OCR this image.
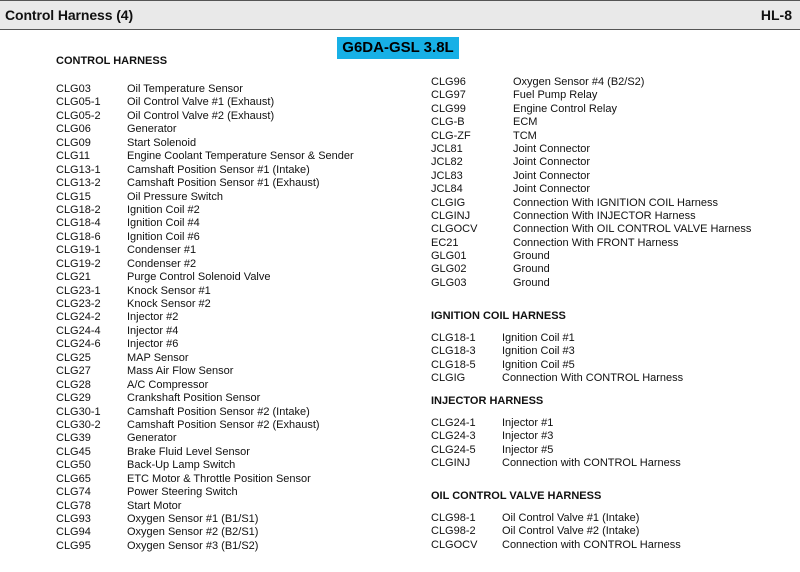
Control Harness (4)	HL-8
G6DA-GSL 3.8L
CONTROL HARNESS
CLG03	Oil Temperature Sensor
CLG05-1 Oil Control Valve #1 (Exhaust)
CLG05-2 Oil Control Valve #2 (Exhaust)
CLG06	Generator
CLG09	Start Solenoid
CLG11	Engine Coolant Temperature Sensor & Sender
CLG13-1 Camshaft Position Sensor #1 (Intake)
CLG13-2 Camshaft Position Sensor #1 (Exhaust)
CLG15	Oil Pressure Switch
CLG18-2 Ignition Coil #2
CLG18-4 Ignition Coil #4
CLG18-6 Ignition Coil #6
CLG19-1 Condenser #1
CLG19-2 Condenser #2
CLG21	Purge Control Solenoid Valve
CLG23-1 Knock Sensor #1
CLG23-2 Knock Sensor #2
CLG24-2 Injector #2
CLG24-4 Injector #4
CLG24-6 Injector #6
CLG25	MAP Sensor
CLG27	Mass Air Flow Sensor
CLG28	A/C Compressor
CLG29	Crankshaft Position Sensor
CLG30-1 Camshaft Position Sensor #2 (Intake)
CLG30-2 Camshaft Position Sensor #2 (Exhaust)
CLG39	Generator
CLG45	Brake Fluid Level Sensor
CLG50	Back-Up Lamp Switch
CLG65	ETC Motor & Throttle Position Sensor
CLG74	Power Steering Switch
CLG78	Start Motor
CLG93	Oxygen Sensor #1 (B1/S1)
CLG94	Oxygen Sensor #2 (B2/S1)
CLG95	Oxygen Sensor #3 (B1/S2)
CLG96	Oxygen Sensor #4 (B2/S2)
CLG97	Fuel Pump Relay
CLG99	Engine Control Relay
CLG-B	ECM
CLG-ZF	TCM
JCL81	Joint Connector
JCL82	Joint Connector
JCL83	Joint Connector
JCL84	Joint Connector
CLGIG	Connection With IGNITION COIL Harness
CLGINJ	Connection With INJECTOR Harness
CLGOCV	Connection With OIL CONTROL VALVE Harness
EC21	Connection With FRONT Harness
GLG01	Ground
GLG02	Ground
GLG03	Ground
IGNITION COIL HARNESS
CLG18-1 Ignition Coil #1
CLG18-3 Ignition Coil #3
CLG18-5 Ignition Coil #5
CLGIG	Connection With CONTROL Harness
INJECTOR HARNESS
CLG24-1 Injector #1
CLG24-3 Injector #3
CLG24-5 Injector #5
CLGINJ	Connection with CONTROL Harness
OIL CONTROL VALVE HARNESS
CLG98-1 Oil Control Valve #1 (Intake)
CLG98-2 Oil Control Valve #2 (Intake)
CLGOCV Connection with CONTROL Harness
